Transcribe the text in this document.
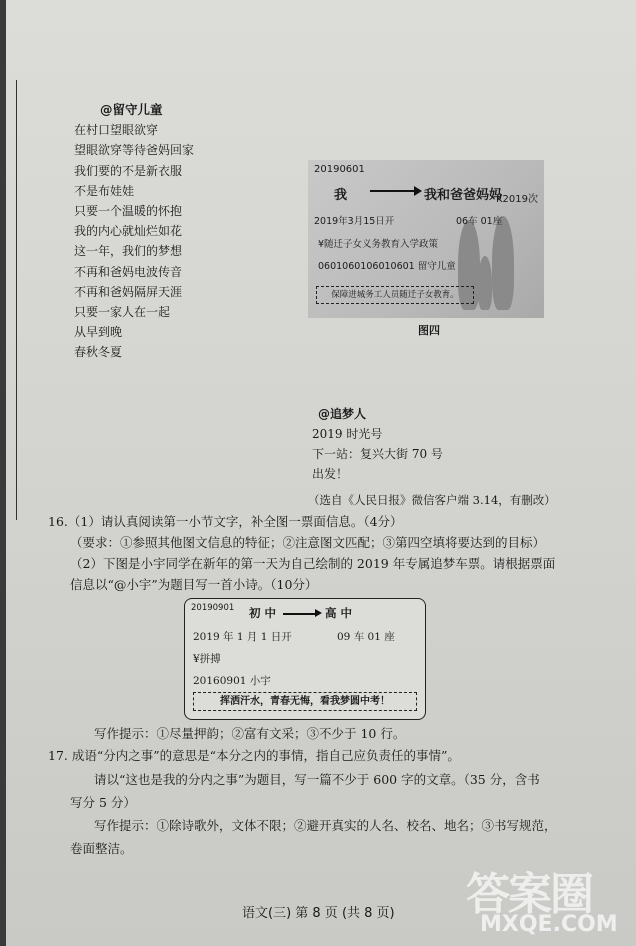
@留守儿童
在村口望眼欲穿
望眼欲穿等待爸妈回家
我们要的不是新衣服
不是布娃娃
只要一个温暖的怀抱
我的内心就灿烂如花
这一年，我们的梦想
不再和爸妈电波传音
不再和爸妈隔屏天涯
只要一家人在一起
从早到晚
春秋冬夏
20190601
我	我和爸爸妈妈
K2019次
2019年3月15日开	06车 01座
¥随迁子女义务教育入学政策
0601060106010601 留守儿童
保障进城务工人员随迁子女教育。
图四
@追梦人
2019 时光号
下一站：复兴大街 70 号
出发！
（选自《人民日报》微信客户端 3.14，有删改）
16.（1）请认真阅读第一小节文字，补全图一票面信息。（4分）
（要求：①参照其他图文信息的特征；②注意图文匹配；③第四空填将要达到的目标）
（2）下图是小宇同学在新年的第一天为自己绘制的 2019 年专属追梦车票。请根据票面
信息以“@小宇”为题目写一首小诗。（10分）
20190901 初 中	高 中
2019 年 1 月 1 日开	09 车 01 座
¥拼搏
20160901 小宇
挥洒汗水，青春无悔，看我梦圆中考！
写作提示：①尽量押韵；②富有文采；③不少于 10 行。
17. 成语“分内之事”的意思是“本分之内的事情，指自己应负责任的事情”。
请以“这也是我的分内之事”为题目，写一篇不少于 600 字的文章。（35 分，含书
写分 5 分）
写作提示：①除诗歌外，文体不限；②避开真实的人名、校名、地名；③书写规范，
卷面整洁。
语文(三) 第 8 页 (共 8 页) 答案圈
MXQE.COM
